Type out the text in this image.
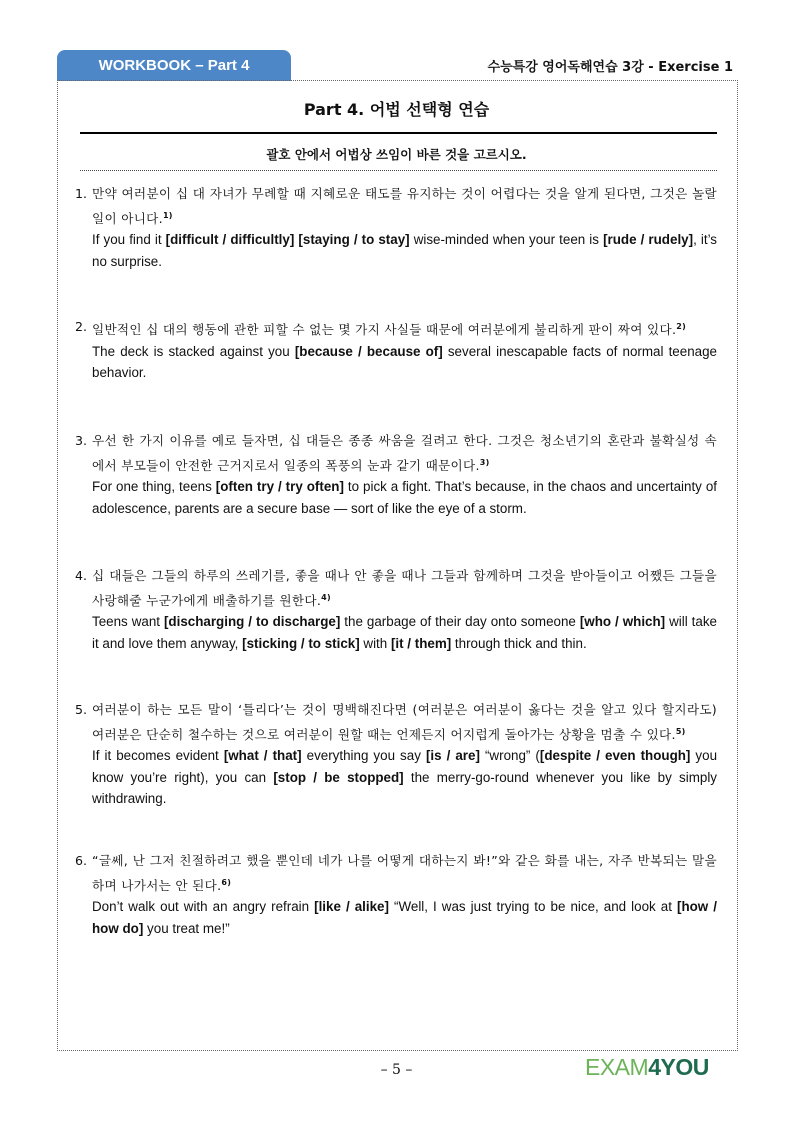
WORKBOOK – Part 4	수능특강 영어독해연습 3강 - Exercise 1
Part 4. 어법 선택형 연습
괄호 안에서 어법상 쓰임이 바른 것을 고르시오.
1. 만약 여러분이 십 대 자녀가 무례할 때 지혜로운 태도를 유지하는 것이 어렵다는 것을 알게 된다면, 그것은 놀랄 일이 아니다.$^{1)}$
If you find it [difficult / difficultly] [staying / to stay] wise-minded when your teen is [rude / rudely], it’s no surprise.
2. 일반적인 십 대의 행동에 관한 피할 수 없는 몇 가지 사실들 때문에 여러분에게 불리하게 판이 짜여 있다.$^{2)}$
The deck is stacked against you [because / because of] several inescapable facts of normal teenage behavior.
3. 우선 한 가지 이유를 예로 들자면, 십 대들은 종종 싸움을 걸려고 한다. 그것은 청소년기의 혼란과 불확실성 속에서 부모들이 안전한 근거지로서 일종의 폭풍의 눈과 같기 때문이다.$^{3)}$
For one thing, teens [often try / try often] to pick a fight. That’s because, in the chaos and uncertainty of adolescence, parents are a secure base — sort of like the eye of a storm.
4. 십 대들은 그들의 하루의 쓰레기를, 좋을 때나 안 좋을 때나 그들과 함께하며 그것을 받아들이고 어쨌든 그들을 사랑해줄 누군가에게 배출하기를 원한다.$^{4)}$
Teens want [discharging / to discharge] the garbage of their day onto someone [who / which] will take it and love them anyway, [sticking / to stick] with [it / them] through thick and thin.
5. 여러분이 하는 모든 말이 ‘틀리다’는 것이 명백해진다면 (여러분은 여러분이 옳다는 것을 알고 있다 할지라도) 여러분은 단순히 철수하는 것으로 여러분이 원할 때는 언제든지 어지럽게 돌아가는 상황을 멈출 수 있다.$^{5)}$
If it becomes evident [what / that] everything you say [is / are] “wrong” ([despite / even though] you know you’re right), you can [stop / be stopped] the merry-go-round whenever you like by simply withdrawing.
6. “글쎄, 난 그저 친절하려고 했을 뿐인데 네가 나를 어떻게 대하는지 봐!”와 같은 화를 내는, 자주 반복되는 말을 하며 나가서는 안 된다.$^{6)}$
Don’t walk out with an angry refrain [like / alike] “Well, I was just trying to be nice, and look at [how / how do] you treat me!”
– 5 –	EXAM4YOU
